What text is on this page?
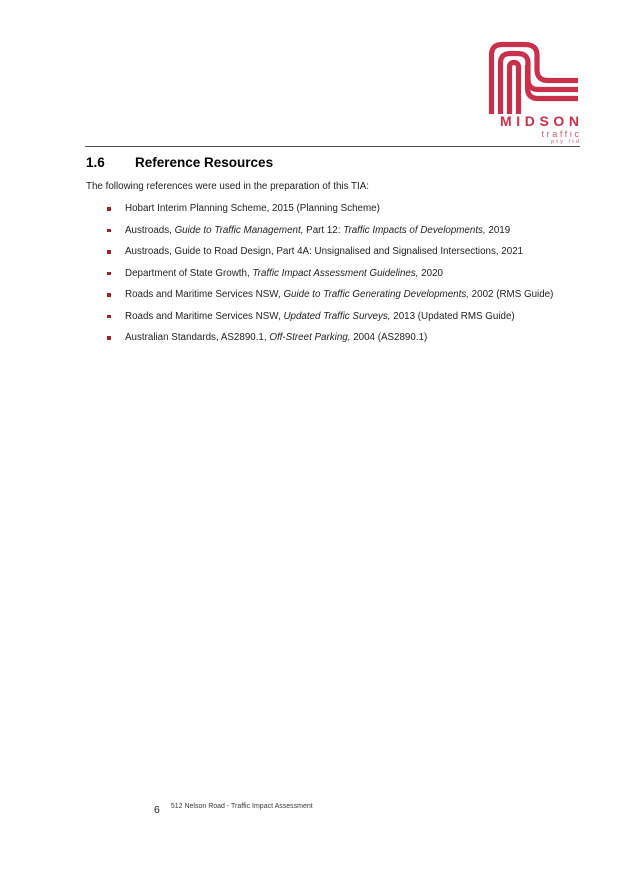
MIDSON
traffic
pty ltd
1.6	Reference Resources

The following references were used in the preparation of this TIA:

Hobart Interim Planning Scheme, 2015 (Planning Scheme)
Austroads, Guide to Traffic Management, Part 12: Traffic Impacts of Developments, 2019
Austroads, Guide to Road Design, Part 4A: Unsignalised and Signalised Intersections, 2021
Department of State Growth, Traffic Impact Assessment Guidelines, 2020
Roads and Maritime Services NSW, Guide to Traffic Generating Developments, 2002 (RMS Guide)
Roads and Maritime Services NSW, Updated Traffic Surveys, 2013 (Updated RMS Guide)
Australian Standards, AS2890.1, Off-Street Parking, 2004 (AS2890.1)
6 512 Nelson Road - Traffic Impact Assessment
